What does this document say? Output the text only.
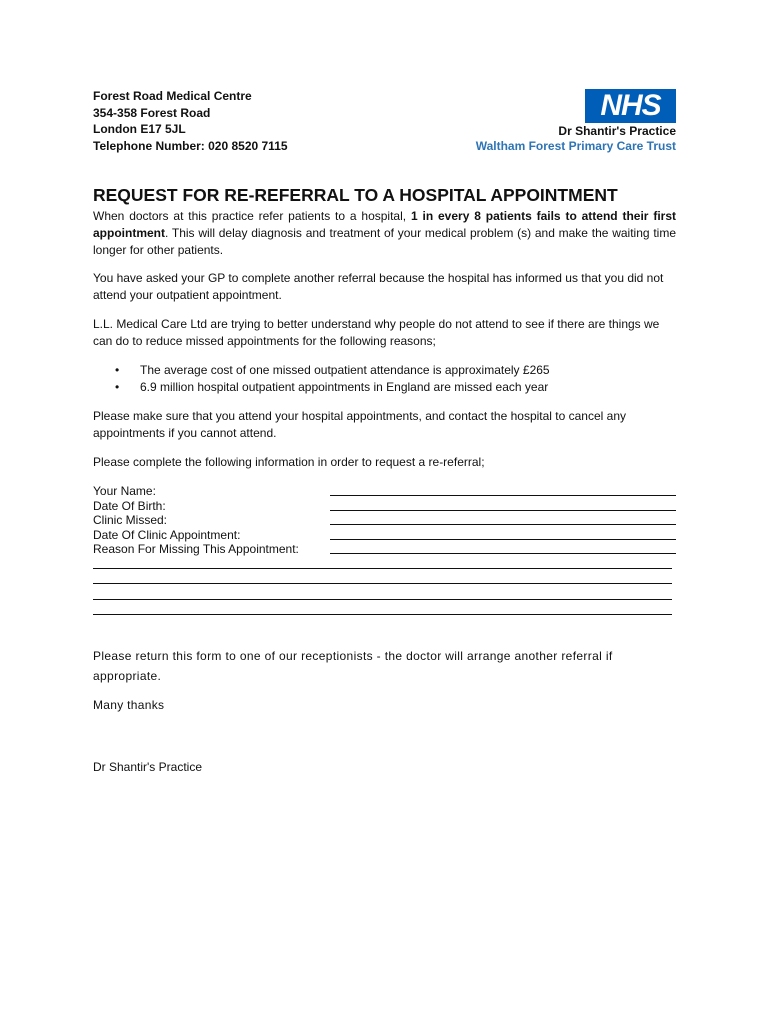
Forest Road Medical Centre
354-358 Forest Road
London E17 5JL
Telephone Number: 020 8520 7115
NHS
Dr Shantir's Practice
Waltham Forest Primary Care Trust
REQUEST FOR RE-REFERRAL TO A HOSPITAL APPOINTMENT
When doctors at this practice refer patients to a hospital, 1 in every 8 patients fails to attend their first appointment. This will delay diagnosis and treatment of your medical problem (s) and make the waiting time longer for other patients.
You have asked your GP to complete another referral because the hospital has informed us that you did not attend your outpatient appointment.
L.L. Medical Care Ltd are trying to better understand why people do not attend to see if there are things we can do to reduce missed appointments for the following reasons;
• The average cost of one missed outpatient attendance is approximately £265
• 6.9 million hospital outpatient appointments in England are missed each year
Please make sure that you attend your hospital appointments, and contact the hospital to cancel any appointments if you cannot attend.
Please complete the following information in order to request a re-referral;
Your Name:
Date Of Birth:
Clinic Missed:
Date Of Clinic Appointment:
Reason For Missing This Appointment:
Please return this form to one of our receptionists - the doctor will arrange another referral if appropriate.
Many thanks
Dr Shantir's Practice
